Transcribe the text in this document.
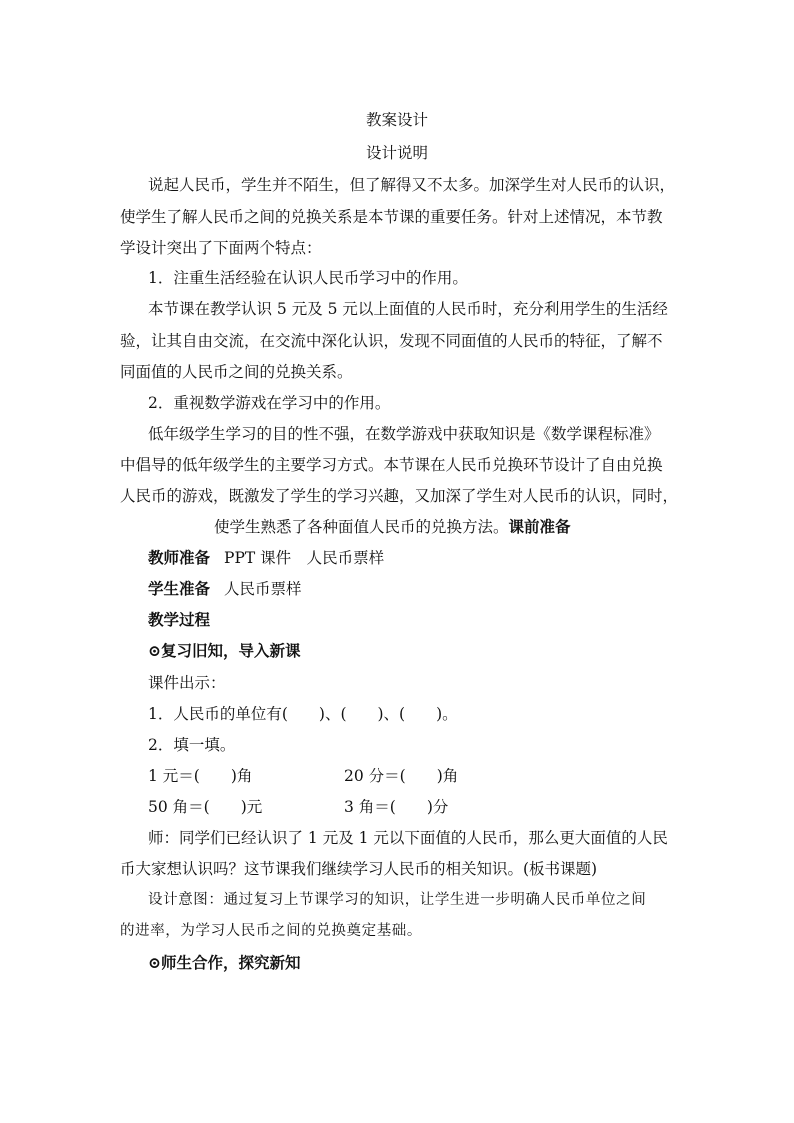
教案设计
设计说明
说起人民币，学生并不陌生，但了解得又不太多。加深学生对人民币的认识，
使学生了解人民币之间的兑换关系是本节课的重要任务。针对上述情况，本节教
学设计突出了下面两个特点：
1．注重生活经验在认识人民币学习中的作用。
本节课在教学认识 5 元及 5 元以上面值的人民币时，充分利用学生的生活经
验，让其自由交流，在交流中深化认识，发现不同面值的人民币的特征，了解不
同面值的人民币之间的兑换关系。
2．重视数学游戏在学习中的作用。
低年级学生学习的目的性不强，在数学游戏中获取知识是《数学课程标准》
中倡导的低年级学生的主要学习方式。本节课在人民币兑换环节设计了自由兑换
人民币的游戏，既激发了学生的学习兴趣，又加深了学生对人民币的认识，同时，
使学生熟悉了各种面值人民币的兑换方法。课前准备
教师准备 PPT 课件　人民币票样
学生准备 人民币票样
教学过程
⊙复习旧知，导入新课
课件出示：
1．人民币的单位有(　　)、(　　)、(　　)。
2．填一填。
1 元＝(　　)角	20 分＝(　　)角
50 角＝(　　)元	3 角＝(　　)分
师：同学们已经认识了 1 元及 1 元以下面值的人民币，那么更大面值的人民
币大家想认识吗？这节课我们继续学习人民币的相关知识。(板书课题)
设计意图：通过复习上节课学习的知识，让学生进一步明确人民币单位之间
的进率，为学习人民币之间的兑换奠定基础。
⊙师生合作，探究新知
